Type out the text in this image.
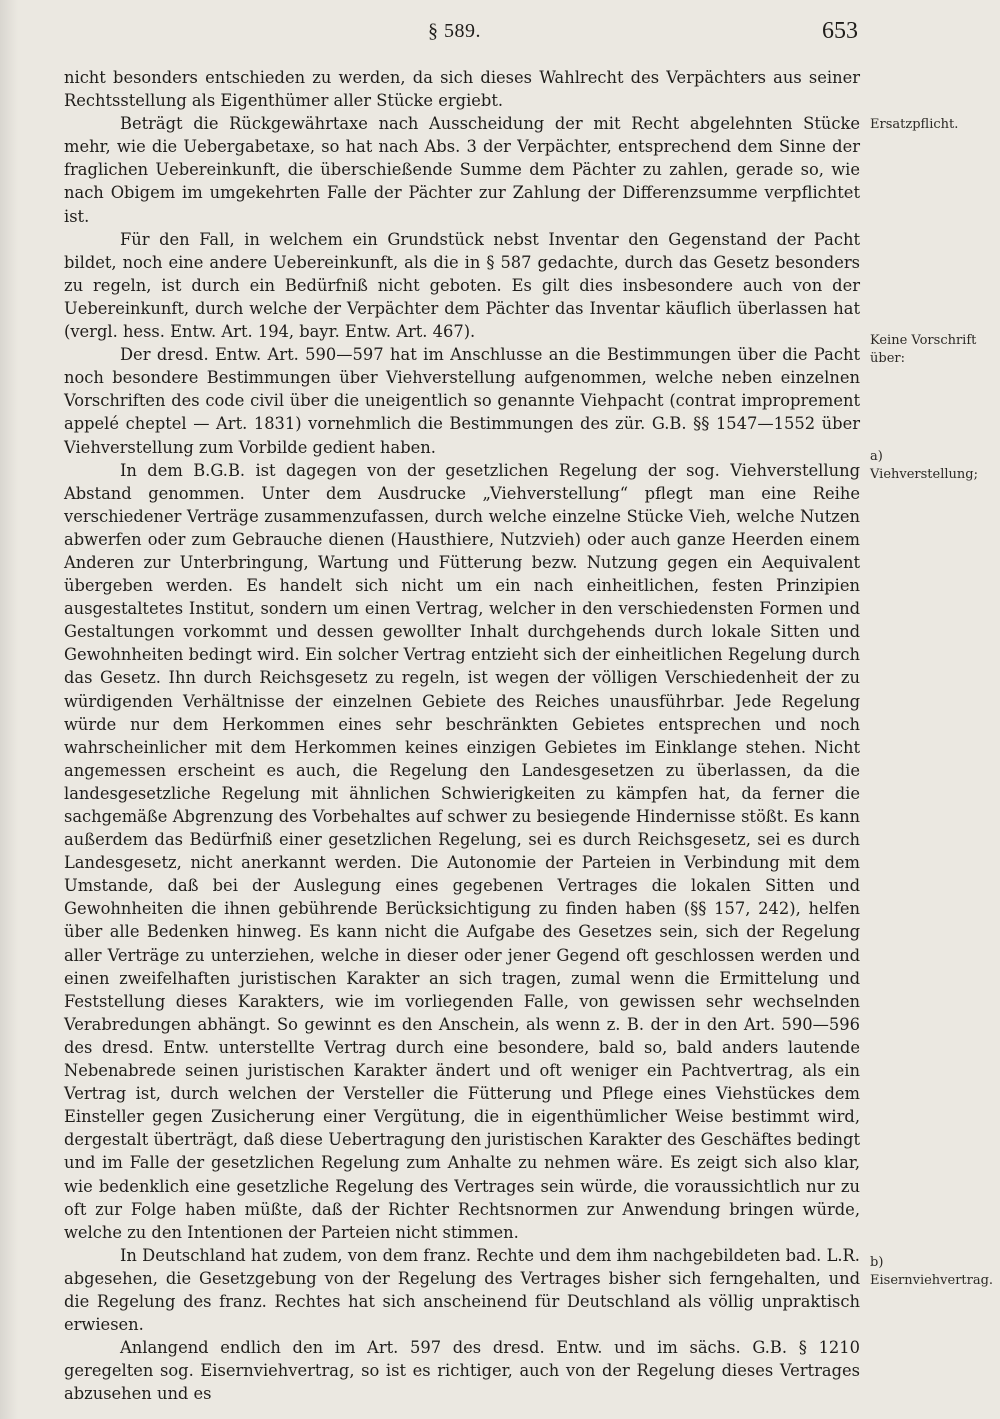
§ 589.	653

nicht besonders entschieden zu werden, da sich dieses Wahlrecht des Verpächters aus seiner Rechtsstellung als Eigenthümer aller Stücke ergiebt.

Beträgt die Rückgewährtaxe nach Ausscheidung der mit Recht abgelehnten Stücke mehr, wie die Uebergabetaxe, so hat nach Abs. 3 der Verpächter, entsprechend dem Sinne der fraglichen Uebereinkunft, die überschießende Summe dem Pächter zu zahlen, gerade so, wie nach Obigem im umgekehrten Falle der Pächter zur Zahlung der Differenzsumme verpflichtet ist.

Für den Fall, in welchem ein Grundstück nebst Inventar den Gegenstand der Pacht bildet, noch eine andere Uebereinkunft, als die in § 587 gedachte, durch das Gesetz besonders zu regeln, ist durch ein Bedürfniß nicht geboten. Es gilt dies insbesondere auch von der Uebereinkunft, durch welche der Verpächter dem Pächter das Inventar käuflich überlassen hat (vergl. hess. Entw. Art. 194, bayr. Entw. Art. 467).

Der dresd. Entw. Art. 590—597 hat im Anschlusse an die Bestimmungen über die Pacht noch besondere Bestimmungen über Viehverstellung aufgenommen, welche neben einzelnen Vorschriften des code civil über die uneigentlich so genannte Viehpacht (contrat improprement appelé cheptel — Art. 1831) vornehmlich die Bestimmungen des zür. G.B. §§ 1547—1552 über Viehverstellung zum Vorbilde gedient haben.

In dem B.G.B. ist dagegen von der gesetzlichen Regelung der sog. Viehverstellung Abstand genommen. Unter dem Ausdrucke „Viehverstellung“ pflegt man eine Reihe verschiedener Verträge zusammenzufassen, durch welche einzelne Stücke Vieh, welche Nutzen abwerfen oder zum Gebrauche dienen (Hausthiere, Nutzvieh) oder auch ganze Heerden einem Anderen zur Unterbringung, Wartung und Fütterung bezw. Nutzung gegen ein Aequivalent übergeben werden. Es handelt sich nicht um ein nach einheitlichen, festen Prinzipien ausgestaltetes Institut, sondern um einen Vertrag, welcher in den verschiedensten Formen und Gestaltungen vorkommt und dessen gewollter Inhalt durchgehends durch lokale Sitten und Gewohnheiten bedingt wird. Ein solcher Vertrag entzieht sich der einheitlichen Regelung durch das Gesetz. Ihn durch Reichsgesetz zu regeln, ist wegen der völligen Verschiedenheit der zu würdigenden Verhältnisse der einzelnen Gebiete des Reiches unausführbar. Jede Regelung würde nur dem Herkommen eines sehr beschränkten Gebietes entsprechen und noch wahrscheinlicher mit dem Herkommen keines einzigen Gebietes im Einklange stehen. Nicht angemessen erscheint es auch, die Regelung den Landesgesetzen zu überlassen, da die landesgesetzliche Regelung mit ähnlichen Schwierigkeiten zu kämpfen hat, da ferner die sachgemäße Abgrenzung des Vorbehaltes auf schwer zu besiegende Hindernisse stößt. Es kann außerdem das Bedürfniß einer gesetzlichen Regelung, sei es durch Reichsgesetz, sei es durch Landesgesetz, nicht anerkannt werden. Die Autonomie der Parteien in Verbindung mit dem Umstande, daß bei der Auslegung eines gegebenen Vertrages die lokalen Sitten und Gewohnheiten die ihnen gebührende Berücksichtigung zu finden haben (§§ 157, 242), helfen über alle Bedenken hinweg. Es kann nicht die Aufgabe des Gesetzes sein, sich der Regelung aller Verträge zu unterziehen, welche in dieser oder jener Gegend oft geschlossen werden und einen zweifelhaften juristischen Karakter an sich tragen, zumal wenn die Ermittelung und Feststellung dieses Karakters, wie im vorliegenden Falle, von gewissen sehr wechselnden Verabredungen abhängt. So gewinnt es den Anschein, als wenn z. B. der in den Art. 590—596 des dresd. Entw. unterstellte Vertrag durch eine besondere, bald so, bald anders lautende Nebenabrede seinen juristischen Karakter ändert und oft weniger ein Pachtvertrag, als ein Vertrag ist, durch welchen der Versteller die Fütterung und Pflege eines Viehstückes dem Einsteller gegen Zusicherung einer Vergütung, die in eigenthümlicher Weise bestimmt wird, dergestalt überträgt, daß diese Uebertragung den juristischen Karakter des Geschäftes bedingt und im Falle der gesetzlichen Regelung zum Anhalte zu nehmen wäre. Es zeigt sich also klar, wie bedenklich eine gesetzliche Regelung des Vertrages sein würde, die voraussichtlich nur zu oft zur Folge haben müßte, daß der Richter Rechtsnormen zur Anwendung bringen würde, welche zu den Intentionen der Parteien nicht stimmen.

In Deutschland hat zudem, von dem franz. Rechte und dem ihm nachgebildeten bad. L.R. abgesehen, die Gesetzgebung von der Regelung des Vertrages bisher sich ferngehalten, und die Regelung des franz. Rechtes hat sich anscheinend für Deutschland als völlig unpraktisch erwiesen.

Anlangend endlich den im Art. 597 des dresd. Entw. und im sächs. G.B. § 1210 geregelten sog. Eisernviehvertrag, so ist es richtiger, auch von der Regelung dieses Vertrages abzusehen und es

Ersatzpflicht.
Keine Vorschrift über:
a) Viehverstellung;
b) Eisernviehvertrag.
